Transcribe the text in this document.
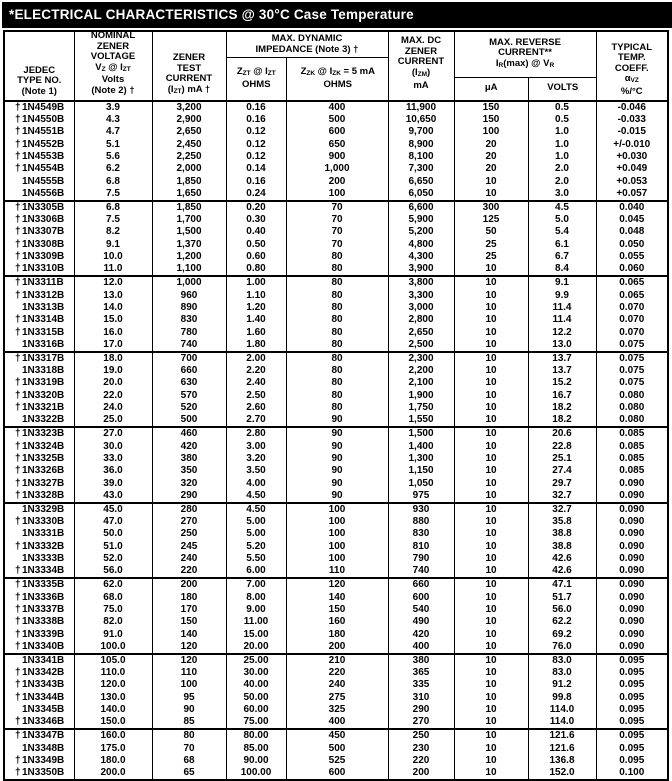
*ELECTRICAL CHARACTERISTICS @ 30°C Case Temperature
JEDEC
TYPE NO.
(Note 1)

NOMINAL
ZENER
VOLTAGE
VZ @ IZT
Volts
(Note 2) †

ZENER
TEST
CURRENT
(IZT) mA †

MAX. DYNAMIC
IMPEDANCE (Note 3) †
ZZT @ IZT
OHMS
ZZK @ IZK = 5 mA
OHMS

MAX. DC
ZENER
CURRENT
(IZM)
mA

MAX. REVERSE
CURRENT**
IR(max) @ VR
μA	VOLTS

TYPICAL
TEMP.
COEFF.
αVZ
%/°C

†1N4549B	3.9	3,200	0.16	400	11,900	150	0.5	-0.046
†1N4550B	4.3	2,900	0.16	500	10,650	150	0.5	-0.033
†1N4551B	4.7	2,650	0.12	600	9,700	100	1.0	-0.015
†1N4552B	5.1	2,450	0.12	650	8,900	20	1.0	+/-0.010
†1N4553B	5.6	2,250	0.12	900	8,100	20	1.0	+0.030
†1N4554B	6.2	2,000	0.14	1,000	7,300	20	2.0	+0.049
1N4555B	6.8	1,850	0.16	200	6,650	10	2.0	+0.053
1N4556B	7.5	1,650	0.24	100	6,050	10	3.0	+0.057
†1N3305B	6.8	1,850	0.20	70	6,600	300	4.5	0.040
†1N3306B	7.5	1,700	0.30	70	5,900	125	5.0	0.045
†1N3307B	8.2	1,500	0.40	70	5,200	50	5.4	0.048
†1N3308B	9.1	1,370	0.50	70	4,800	25	6.1	0.050
†1N3309B	10.0	1,200	0.60	80	4,300	25	6.7	0.055
†1N3310B	11.0	1,100	0.80	80	3,900	10	8.4	0.060
†1N3311B	12.0	1,000	1.00	80	3,800	10	9.1	0.065
†1N3312B	13.0	960	1.10	80	3,300	10	9.9	0.065
1N3313B	14.0	890	1.20	80	3,000	10	11.4	0.070
†1N3314B	15.0	830	1.40	80	2,800	10	11.4	0.070
†1N3315B	16.0	780	1.60	80	2,650	10	12.2	0.070
1N3316B	17.0	740	1.80	80	2,500	10	13.0	0.075
†1N3317B	18.0	700	2.00	80	2,300	10	13.7	0.075
1N3318B	19.0	660	2.20	80	2,200	10	13.7	0.075
†1N3319B	20.0	630	2.40	80	2,100	10	15.2	0.075
†1N3320B	22.0	570	2.50	80	1,900	10	16.7	0.080
†1N3321B	24.0	520	2.60	80	1,750	10	18.2	0.080
1N3322B	25.0	500	2.70	90	1,550	10	18.2	0.080
†1N3323B	27.0	460	2.80	90	1,500	10	20.6	0.085
†1N3324B	30.0	420	3.00	90	1,400	10	22.8	0.085
†1N3325B	33.0	380	3.20	90	1,300	10	25.1	0.085
†1N3326B	36.0	350	3.50	90	1,150	10	27.4	0.085
†1N3327B	39.0	320	4.00	90	1,050	10	29.7	0.090
†1N3328B	43.0	290	4.50	90	975	10	32.7	0.090
1N3329B	45.0	280	4.50	100	930	10	32.7	0.090
†1N3330B	47.0	270	5.00	100	880	10	35.8	0.090
1N3331B	50.0	250	5.00	100	830	10	38.8	0.090
†1N3332B	51.0	245	5.20	100	810	10	38.8	0.090
1N3333B	52.0	240	5.50	100	790	10	42.6	0.090
†1N3334B	56.0	220	6.00	110	740	10	42.6	0.090
†1N3335B	62.0	200	7.00	120	660	10	47.1	0.090
†1N3336B	68.0	180	8.00	140	600	10	51.7	0.090
†1N3337B	75.0	170	9.00	150	540	10	56.0	0.090
†1N3338B	82.0	150	11.00	160	490	10	62.2	0.090
†1N3339B	91.0	140	15.00	180	420	10	69.2	0.090
†1N3340B	100.0	120	20.00	200	400	10	76.0	0.090
1N3341B	105.0	120	25.00	210	380	10	83.0	0.095
†1N3342B	110.0	110	30.00	220	365	10	83.0	0.095
†1N3343B	120.0	100	40.00	240	335	10	91.2	0.095
†1N3344B	130.0	95	50.00	275	310	10	99.8	0.095
1N3345B	140.0	90	60.00	325	290	10	114.0	0.095
†1N3346B	150.0	85	75.00	400	270	10	114.0	0.095
†1N3347B	160.0	80	80.00	450	250	10	121.6	0.095
1N3348B	175.0	70	85.00	500	230	10	121.6	0.095
†1N3349B	180.0	68	90.00	525	220	10	136.8	0.095
†1N3350B	200.0	65	100.00	600	200	10	152.0	0.100
